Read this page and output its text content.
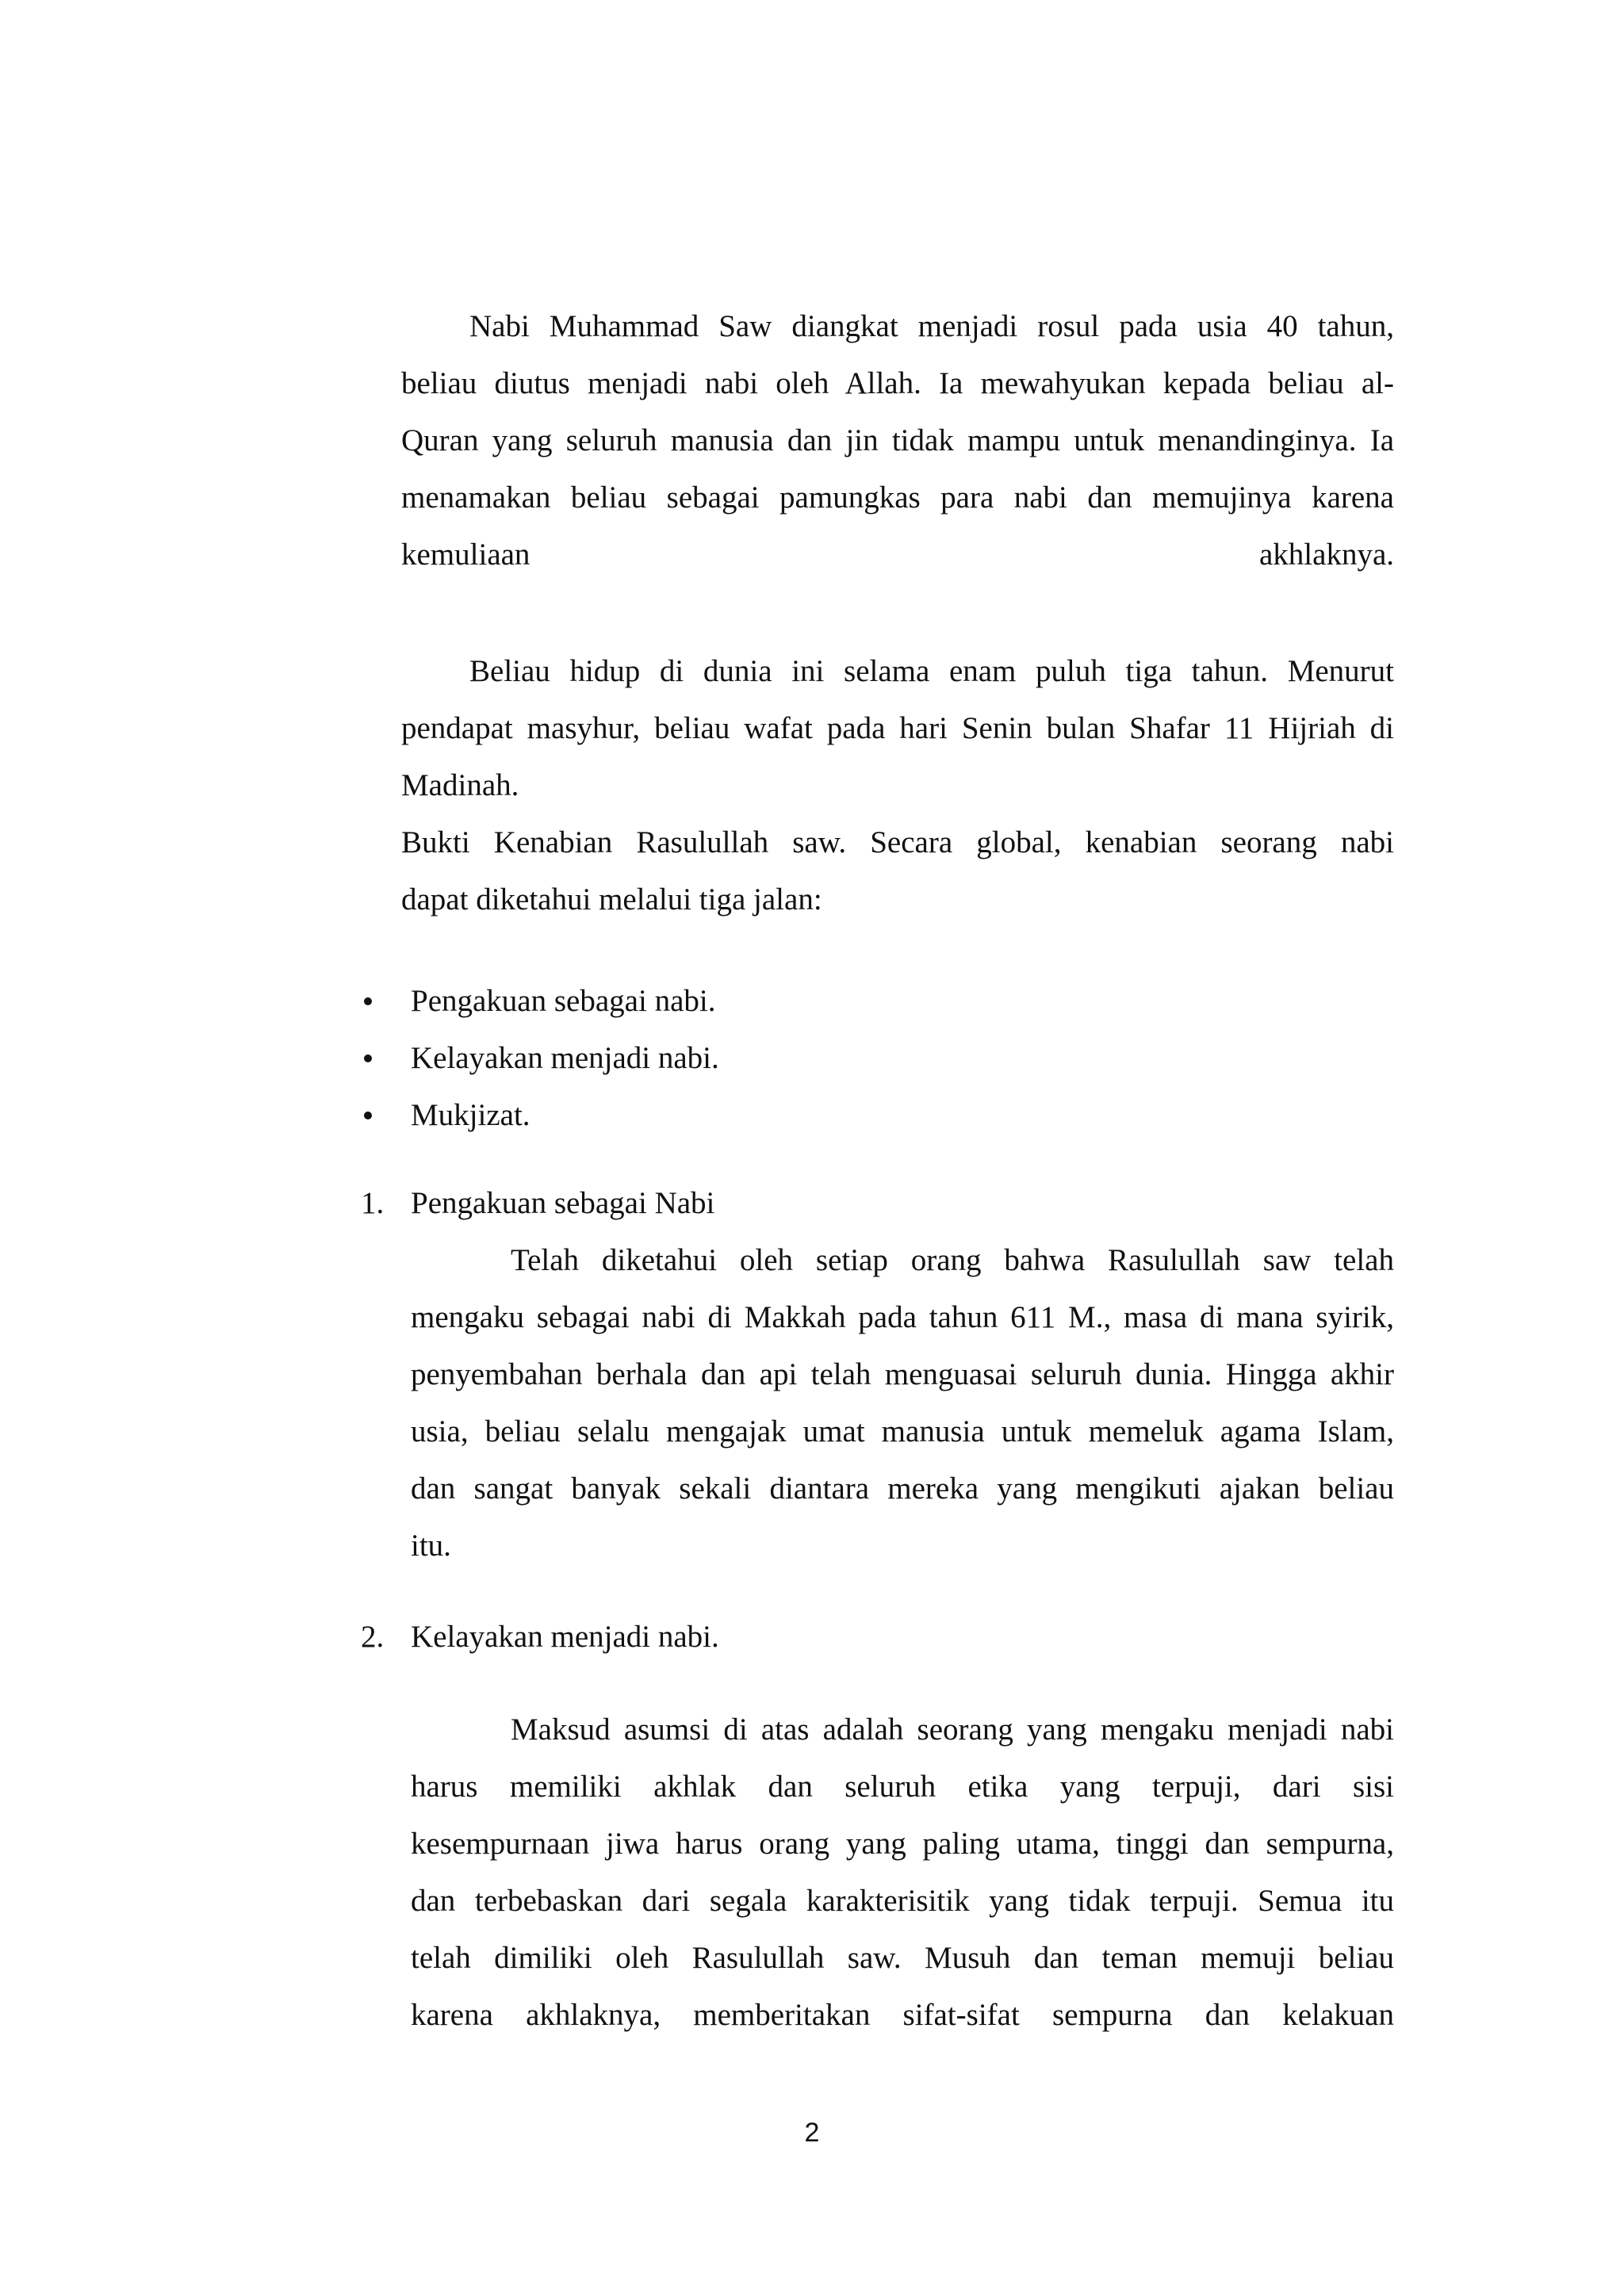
Nabi Muhammad Saw diangkat menjadi rosul pada usia 40 tahun,

beliau diutus menjadi nabi oleh Allah. Ia mewahyukan kepada beliau al-

Quran yang seluruh manusia dan jin tidak mampu untuk menandinginya. Ia

menamakan beliau sebagai pamungkas para nabi dan memujinya karena

kemuliaan	akhlaknya.

Beliau hidup di dunia ini selama enam puluh tiga tahun. Menurut

pendapat masyhur, beliau wafat pada hari Senin bulan Shafar 11 Hijriah di

Madinah.

Bukti Kenabian Rasulullah saw. Secara global, kenabian seorang nabi

dapat diketahui melalui tiga jalan:

Pengakuan sebagai nabi.

Kelayakan menjadi nabi.

Mukjizat.

1. Pengakuan sebagai Nabi

Telah diketahui oleh setiap orang bahwa Rasulullah saw telah

mengaku sebagai nabi di Makkah pada tahun 611 M., masa di mana syirik,

penyembahan berhala dan api telah menguasai seluruh dunia. Hingga akhir

usia, beliau selalu mengajak umat manusia untuk memeluk agama Islam,

dan sangat banyak sekali diantara mereka yang mengikuti ajakan beliau

itu.

2. Kelayakan menjadi nabi.

Maksud asumsi di atas adalah seorang yang mengaku menjadi nabi

harus memiliki akhlak dan seluruh etika yang terpuji, dari sisi

kesempurnaan jiwa harus orang yang paling utama, tinggi dan sempurna,

dan terbebaskan dari segala karakterisitik yang tidak terpuji. Semua itu

telah dimiliki oleh Rasulullah saw. Musuh dan teman memuji beliau

karena akhlaknya, memberitakan sifat-sifat sempurna dan kelakuan

2
